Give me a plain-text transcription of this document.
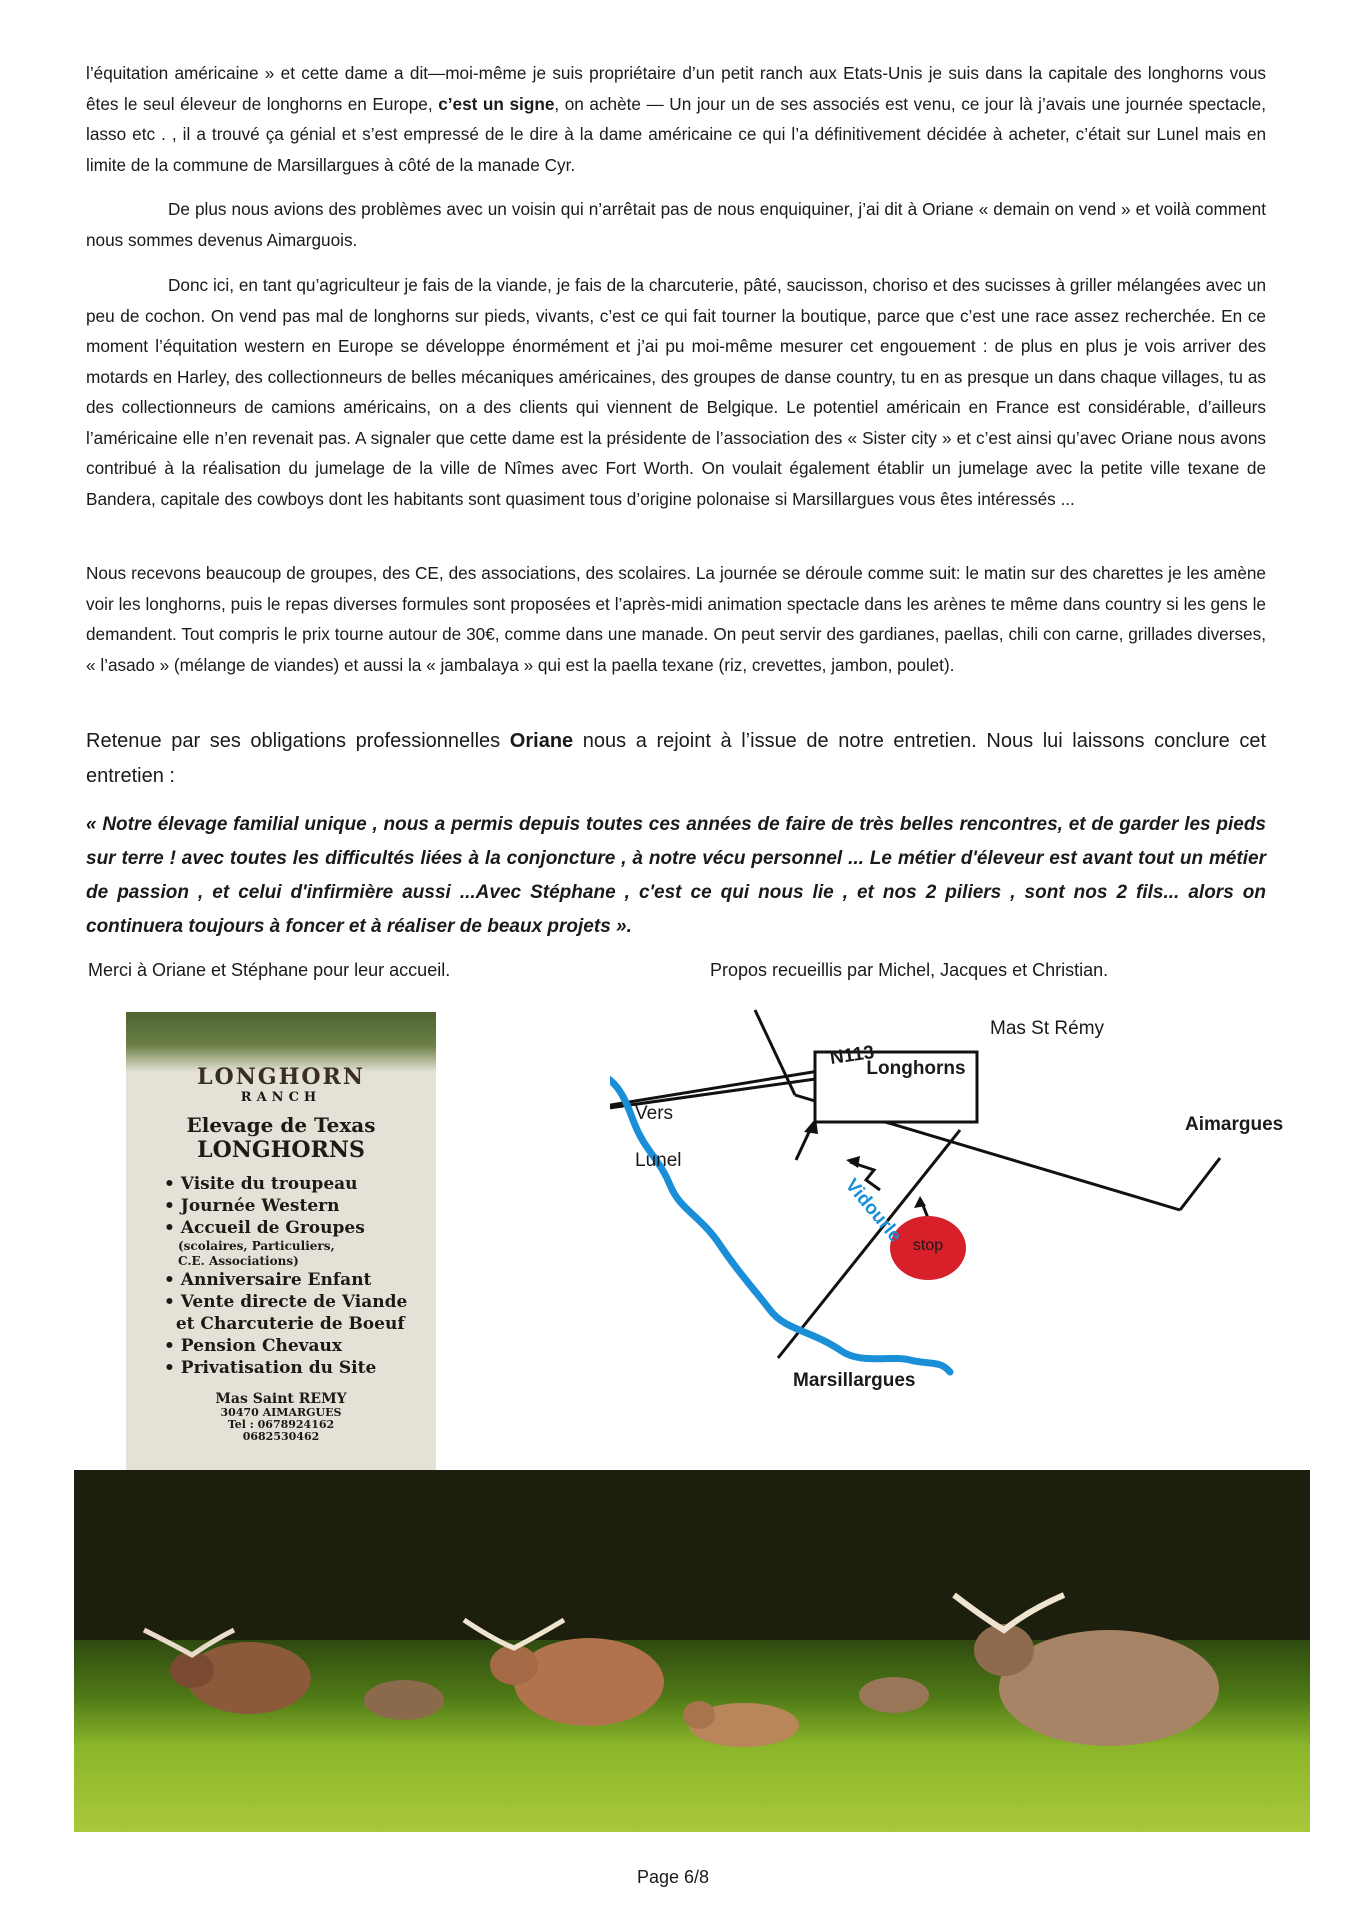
l’équitation américaine » et cette dame a dit—moi-même je suis propriétaire d’un petit ranch aux Etats-Unis je suis dans la capitale des longhorns vous êtes le seul éleveur de longhorns en Europe, c’est un signe, on achète — Un jour un de ses associés est venu, ce jour là j’avais une journée spectacle, lasso etc . , il a trouvé ça génial et s’est empressé de le dire à la dame américaine ce qui l’a définitivement décidée à acheter, c’était sur Lunel mais en limite de la commune de Marsillargues à côté de la manade Cyr.

De plus nous avions des problèmes avec un voisin qui n’arrêtait pas de nous enquiquiner, j’ai dit à Oriane « demain on vend » et voilà comment nous sommes devenus Aimarguois.

Donc ici, en tant qu’agriculteur je fais de la viande, je fais de la charcuterie, pâté, saucisson, choriso et des sucisses à griller mélangées avec un peu de cochon. On vend pas mal de longhorns sur pieds, vivants, c’est ce qui fait tourner la boutique, parce que c’est une race assez recherchée. En ce moment l’équitation western en Europe se développe énormément et j’ai pu moi-même mesurer cet engouement : de plus en plus je vois arriver des motards en Harley, des collectionneurs de belles mécaniques américaines, des groupes de danse country, tu en as presque un dans chaque villages, tu as des collectionneurs de camions américains, on a des clients qui viennent de Belgique. Le potentiel américain en France est considérable, d’ailleurs l’américaine elle n’en revenait pas. A signaler que cette dame est la présidente de l’association des « Sister city » et c’est ainsi qu’avec Oriane nous avons contribué à la réalisation du jumelage de la ville de Nîmes avec Fort Worth. On voulait également établir un jumelage avec la petite ville texane de Bandera, capitale des cowboys dont les habitants sont quasiment tous d’origine polonaise si Marsillargues vous êtes intéressés ...

Nous recevons beaucoup de groupes, des CE, des associations, des scolaires. La journée se déroule comme suit: le matin sur des charettes je les amène voir les longhorns, puis le repas diverses formules sont proposées et l’après-midi animation spectacle dans les arènes te même dans country si les gens le demandent. Tout compris le prix tourne autour de 30€, comme dans une manade. On peut servir des gardianes, paellas, chili con carne, grillades diverses, « l’asado » (mélange de viandes) et aussi la « jambalaya » qui est la paella texane (riz, crevettes, jambon, poulet).

Retenue par ses obligations professionnelles Oriane nous a rejoint à l’issue de notre entretien. Nous lui laissons conclure cet entretien :

« Notre élevage familial unique , nous a permis depuis toutes ces années de faire de très belles rencontres, et de garder les pieds sur terre ! avec toutes les difficultés liées à la conjoncture , à notre vécu personnel ... Le métier d'éleveur est avant tout un métier de passion , et celui d'infirmière aussi ...Avec Stéphane , c'est ce qui nous lie , et nos 2 piliers , sont nos 2 fils... alors on continuera toujours à foncer et à réaliser de beaux projets ».

Merci à Oriane et Stéphane pour leur accueil.	Propos recueillis par Michel, Jacques et Christian.

LONGHORN

RANCH

Elevage de Texas

LONGHORNS

• Visite du troupeau

• Journée Western

• Accueil de Groupes

(scolaires, Particuliers,

C.E. Associations)

• Anniversaire Enfant

• Vente directe de Viande

et Charcuterie de Boeuf

• Pension Chevaux

• Privatisation du Site

Mas Saint REMY

30470 AIMARGUES

Tel : 0678924162

0682530462

N113
Vers
Lunel
Mas St Rémy
Longhorns
Aimargues
Vidourle stop
Marsillargues

Page 6/8
